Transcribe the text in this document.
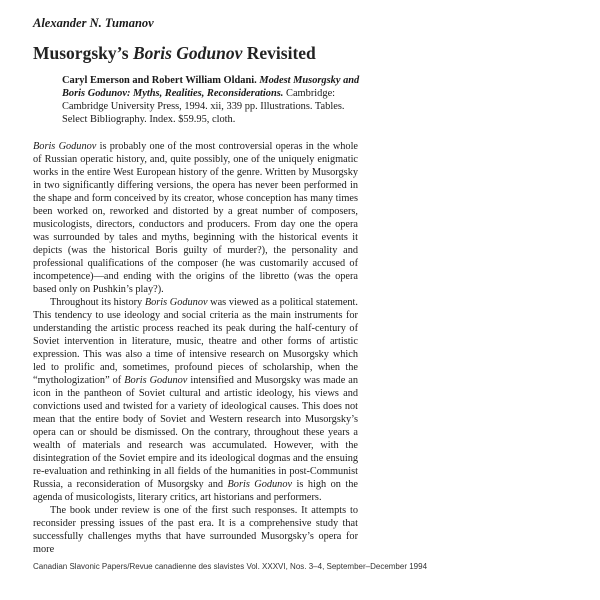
Alexander N. Tumanov
Musorgsky’s Boris Godunov Revisited
Caryl Emerson and Robert William Oldani. Modest Musorgsky and Boris Godunov: Myths, Realities, Reconsiderations. Cambridge: Cambridge University Press, 1994. xii, 339 pp. Illustrations. Tables. Select Bibliography. Index. $59.95, cloth.

Boris Godunov is probably one of the most controversial operas in the whole of Russian operatic history, and, quite possibly, one of the uniquely enigmatic works in the entire West European history of the genre. Written by Musorgsky in two significantly differing versions, the opera has never been performed in the shape and form conceived by its creator, whose conception has many times been worked on, reworked and distorted by a great number of composers, musicologists, directors, conductors and producers. From day one the opera was surrounded by tales and myths, beginning with the historical events it depicts (was the historical Boris guilty of murder?), the personality and professional qualifications of the composer (he was customarily accused of incompetence)—and ending with the origins of the libretto (was the opera based only on Pushkin’s play?).

Throughout its history Boris Godunov was viewed as a political statement. This tendency to use ideology and social criteria as the main instruments for understanding the artistic process reached its peak during the half-century of Soviet intervention in literature, music, theatre and other forms of artistic expression. This was also a time of intensive research on Musorgsky which led to prolific and, sometimes, profound pieces of scholarship, when the “mythologization” of Boris Godunov intensified and Musorgsky was made an icon in the pantheon of Soviet cultural and artistic ideology, his views and convictions used and twisted for a variety of ideological causes. This does not mean that the entire body of Soviet and Western research into Musorgsky’s opera can or should be dismissed. On the contrary, throughout these years a wealth of materials and research was accumulated. However, with the disintegration of the Soviet empire and its ideological dogmas and the ensuing re-evaluation and rethinking in all fields of the humanities in post-Communist Russia, a reconsideration of Musorgsky and Boris Godunov is high on the agenda of musicologists, literary critics, art historians and performers.

The book under review is one of the first such responses. It attempts to reconsider pressing issues of the past era. It is a comprehensive study that successfully challenges myths that have surrounded Musorgsky’s opera for more

Canadian Slavonic Papers/Revue canadienne des slavistes Vol. XXXVI, Nos. 3–4, September–December 1994
